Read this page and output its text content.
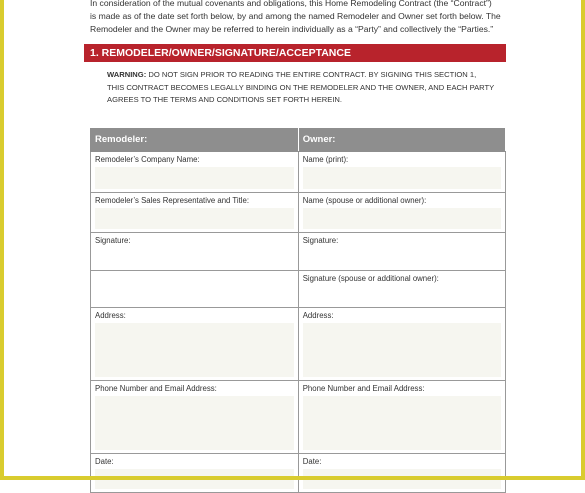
In consideration of the mutual covenants and obligations, this Home Remodeling Contract (the “Contract”)
is made as of the date set forth below, by and among the named Remodeler and Owner set forth below. The
Remodeler and the Owner may be referred to herein individually as a “Party” and collectively the “Parties.”
1. REMODELER/OWNER/SIGNATURE/ACCEPTANCE
WARNING: DO NOT SIGN PRIOR TO READING THE ENTIRE CONTRACT. BY SIGNING THIS SECTION 1,
THIS CONTRACT BECOMES LEGALLY BINDING ON THE REMODELER AND THE OWNER, AND EACH PARTY
AGREES TO THE TERMS AND CONDITIONS SET FORTH HEREIN.
Remodeler:	Owner:

Remodeler’s Company Name:	Name (print):

Remodeler’s Sales Representative and Title:	Name (spouse or additional owner):

Signature:	Signature:

	Signature (spouse or additional owner):

Address:	Address:

Phone Number and Email Address:	Phone Number and Email Address:

Date:	Date:
